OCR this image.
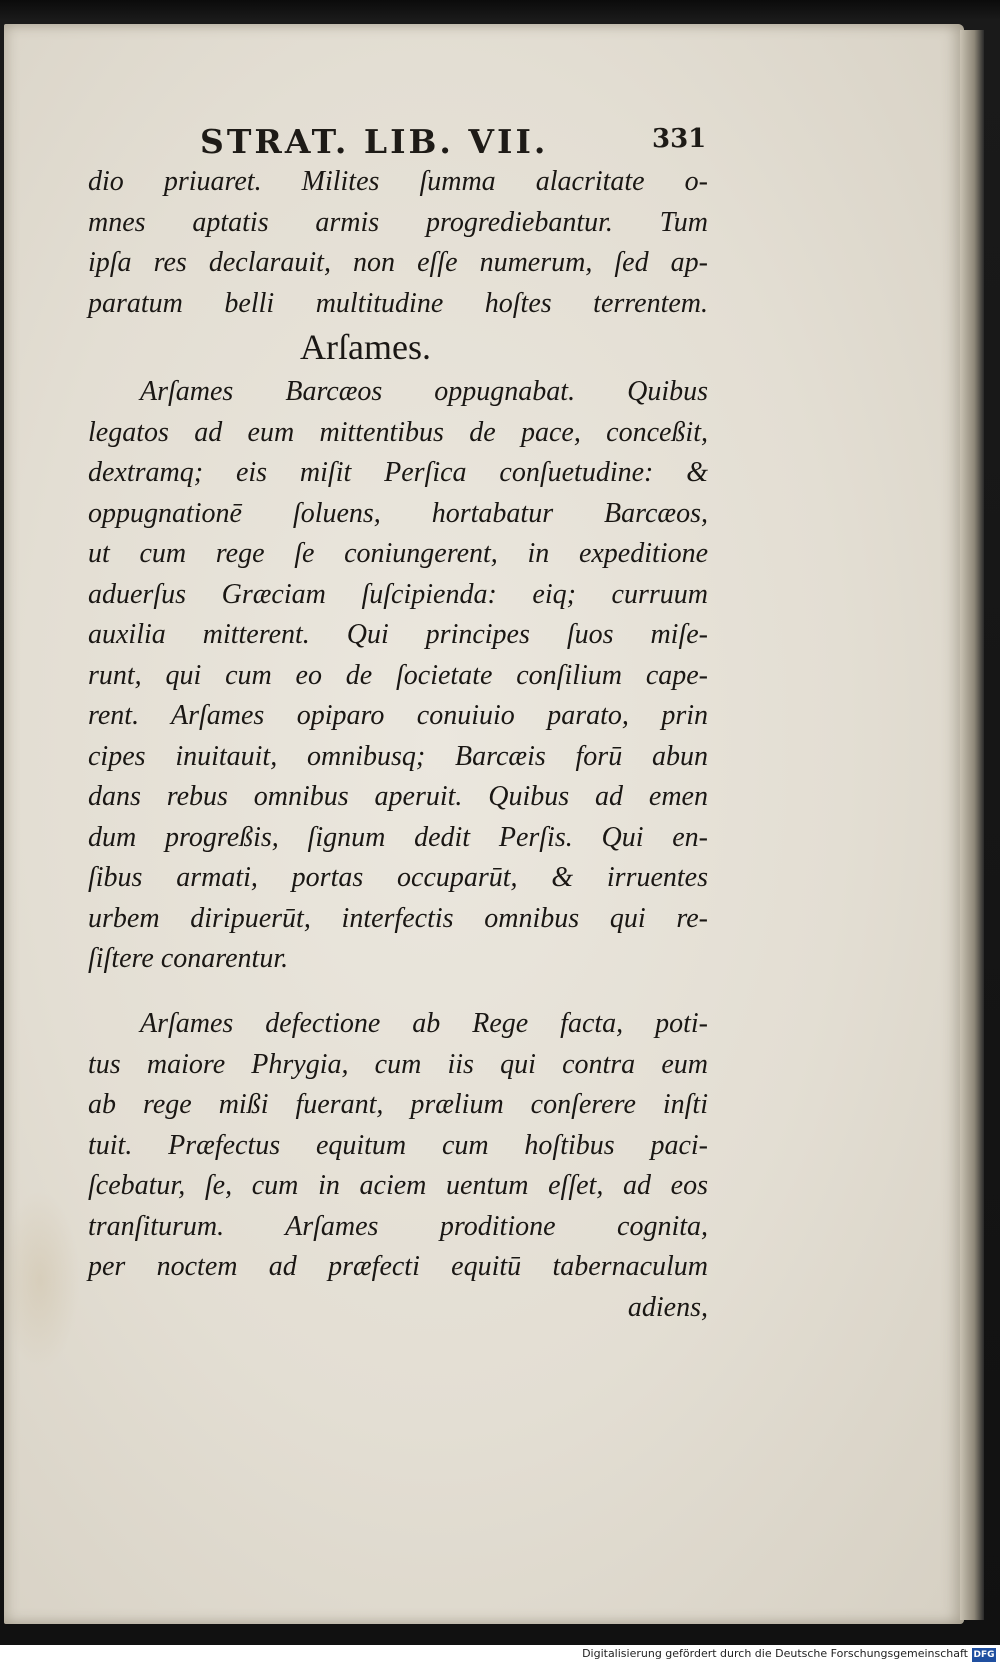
STRAT. LIB. VII.	331
dio priuaret. Milites ſumma alacritate o-
mnes aptatis armis progrediebantur. Tum
ipſa res declarauit, non eſſe numerum, ſed ap-
paratum belli multitudine hoſtes terrentem.
Arſames.
Arſames Barcæos oppugnabat. Quibus
legatos ad eum mittentibus de pace, conceßit,
dextramq; eis miſit Perſica conſuetudine: &
oppugnationē ſoluens, hortabatur Barcæos,
ut cum rege ſe coniungerent, in expeditione
aduerſus Græciam ſuſcipienda: eiq; curruum
auxilia mitterent. Qui principes ſuos miſe-
runt, qui cum eo de ſocietate conſilium cape-
rent. Arſames opiparo conuiuio parato, prin
cipes inuitauit, omnibusq; Barcæis forū abun
dans rebus omnibus aperuit. Quibus ad emen
dum progreßis, ſignum dedit Perſis. Qui en-
ſibus armati, portas occuparūt, & irruentes
urbem diripuerūt, interfectis omnibus qui re-
ſiſtere conarentur.
Arſames defectione ab Rege facta, poti-
tus maiore Phrygia, cum iis qui contra eum
ab rege mißi fuerant, prælium conſerere inſti
tuit. Præfectus equitum cum hoſtibus paci-
ſcebatur, ſe, cum in aciem uentum eſſet, ad eos
tranſiturum. Arſames proditione cognita,
per noctem ad præfecti equitū tabernaculum
adiens,
Digitalisierung gefördert durch die Deutsche Forschungsgemeinschaft DFG
